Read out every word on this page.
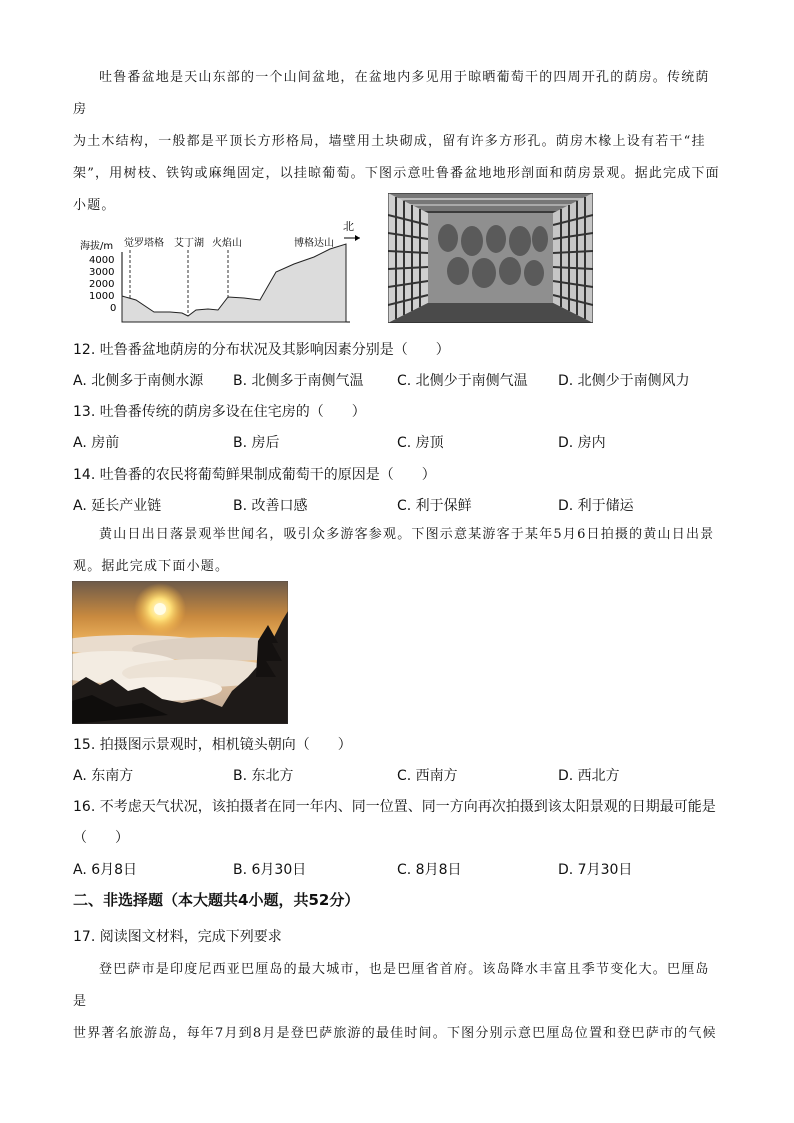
吐鲁番盆地是天山东部的一个山间盆地，在盆地内多见用于晾晒葡萄干的四周开孔的荫房。传统荫房
为土木结构，一般都是平顶长方形格局，墙壁用土块砌成，留有许多方形孔。荫房木椽上设有若干“挂
架”，用树枝、铁钩或麻绳固定，以挂晾葡萄。下图示意吐鲁番盆地地形剖面和荫房景观。据此完成下面
小题。
海拔/m
4000
3000
2000
1000
0
觉罗塔格 艾丁湖 火焰山	博格达山
北
12. 吐鲁番盆地荫房的分布状况及其影响因素分别是（　　）
A. 北侧多于南侧水源 B. 北侧多于南侧气温 C. 北侧少于南侧气温 D. 北侧少于南侧风力
13. 吐鲁番传统的荫房多设在住宅房的（　　）
A. 房前	B. 房后	C. 房顶	D. 房内
14. 吐鲁番的农民将葡萄鲜果制成葡萄干的原因是（　　）
A. 延长产业链	B. 改善口感	C. 利于保鲜	D. 利于储运
黄山日出日落景观举世闻名，吸引众多游客参观。下图示意某游客于某年5月6日拍摄的黄山日出景
观。据此完成下面小题。
15. 拍摄图示景观时，相机镜头朝向（　　）
A. 东南方	B. 东北方	C. 西南方	D. 西北方
16. 不考虑天气状况，该拍摄者在同一年内、同一位置、同一方向再次拍摄到该太阳景观的日期最可能是
（　　）
A. 6月8日	B. 6月30日	C. 8月8日	D. 7月30日
二、非选择题（本大题共4小题，共52分）
17. 阅读图文材料，完成下列要求
登巴萨市是印度尼西亚巴厘岛的最大城市，也是巴厘省首府。该岛降水丰富且季节变化大。巴厘岛是
世界著名旅游岛，每年7月到8月是登巴萨旅游的最佳时间。下图分别示意巴厘岛位置和登巴萨市的气候
